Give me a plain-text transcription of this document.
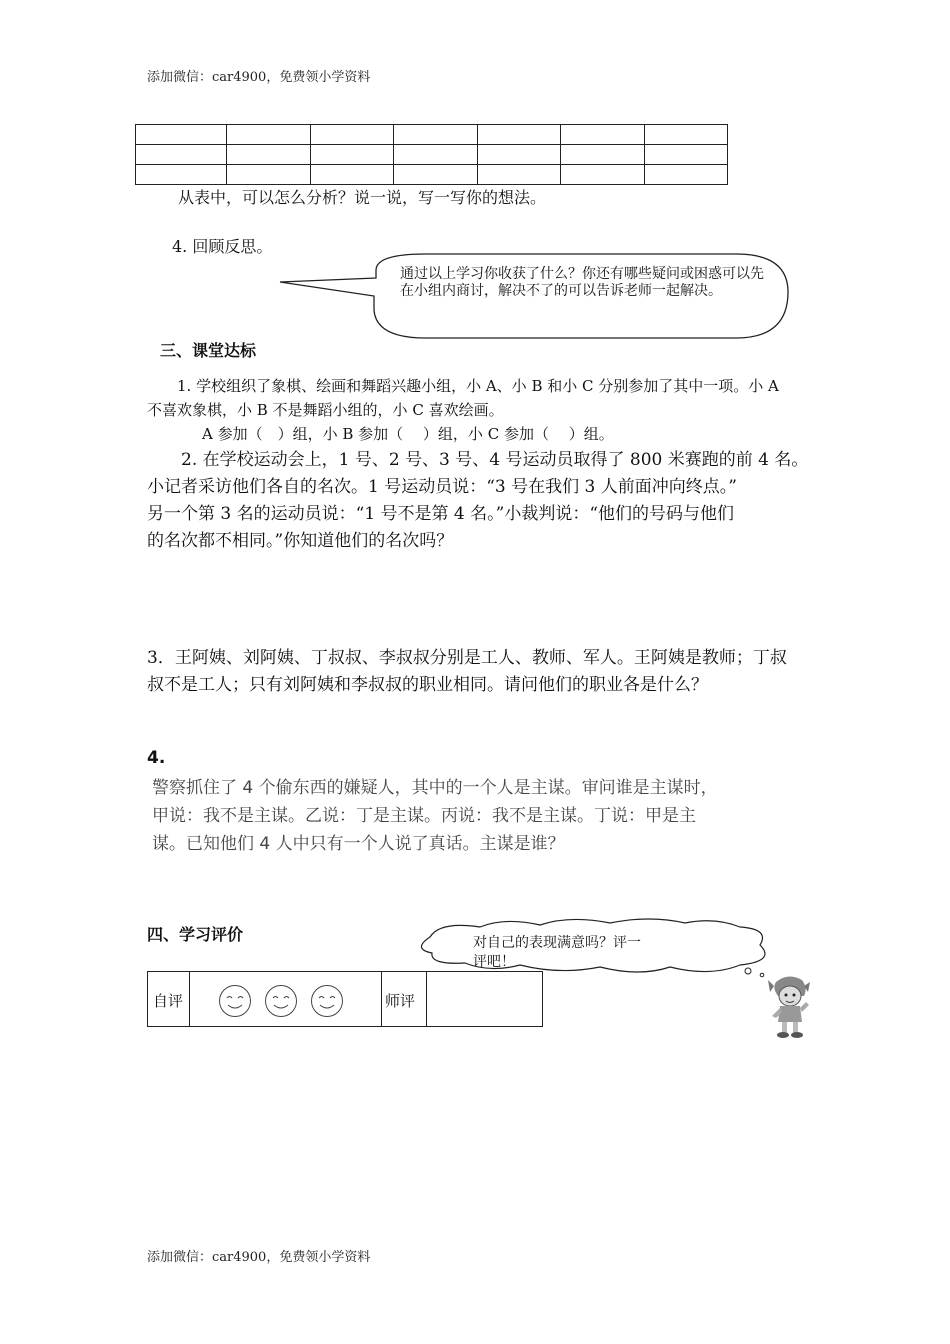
添加微信：car4900，免费领小学资料

从表中，可以怎么分析？说一说，写一写你的想法。
4. 回顾反思。
通过以上学习你收获了什么？你还有哪些疑问或困惑可以先在小组内商讨，解决不了的可以告诉老师一起解决。
三、课堂达标
1. 学校组织了象棋、绘画和舞蹈兴趣小组，小 A、小 B 和小 C 分别参加了其中一项。小 A
不喜欢象棋，小 B 不是舞蹈小组的，小 C 喜欢绘画。
A 参加（　）组，小 B 参加（　 ）组，小 C 参加（　 ）组。
2. 在学校运动会上，1 号、2 号、3 号、4 号运动员取得了 800 米赛跑的前 4 名。
小记者采访他们各自的名次。1 号运动员说：“3 号在我们 3 人前面冲向终点。”
另一个第 3 名的运动员说：“1 号不是第 4 名。”小裁判说：“他们的号码与他们
的名次都不相同。”你知道他们的名次吗？
3．王阿姨、刘阿姨、丁叔叔、李叔叔分别是工人、教师、军人。王阿姨是教师；丁叔
叔不是工人；只有刘阿姨和李叔叔的职业相同。请问他们的职业各是什么？
4.
警察抓住了 4 个偷东西的嫌疑人，其中的一个人是主谋。审问谁是主谋时，
甲说：我不是主谋。乙说：丁是主谋。丙说：我不是主谋。丁说：甲是主
谋。已知他们 4 人中只有一个人说了真话。主谋是谁？
四、学习评价	对自己的表现满意吗？评一
评吧！
自评	师评
添加微信：car4900，免费领小学资料
